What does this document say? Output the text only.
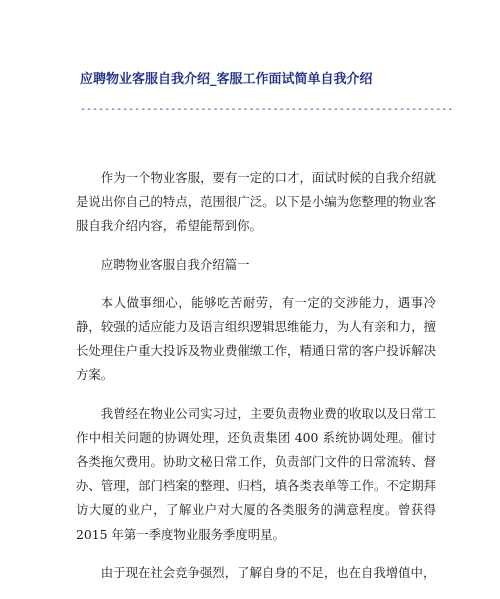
应聘物业客服自我介绍_客服工作面试简单自我介绍
--------------------------------------------------------------

作为一个物业客服，要有一定的口才，面试时候的自我介绍就是说出你自己的特点，范围很广泛。以下是小编为您整理的物业客服自我介绍内容，希望能帮到你。

应聘物业客服自我介绍篇一

本人做事细心，能够吃苦耐劳，有一定的交涉能力，遇事冷静，较强的适应能力及语言组织逻辑思维能力，为人有亲和力，擅长处理住户重大投诉及物业费催缴工作，精通日常的客户投诉解决方案。

我曾经在物业公司实习过，主要负责物业费的收取以及日常工作中相关问题的协调处理，还负责集团 400 系统协调处理。催讨各类拖欠费用。协助文秘日常工作，负责部门文件的日常流转、督办、管理，部门档案的整理、归档，填各类表单等工作。不定期拜访大厦的业户，了解业户对大厦的各类服务的满意程度。曾获得 2015 年第一季度物业服务季度明星。

由于现在社会竞争强烈，了解自身的不足，也在自我增值中，
